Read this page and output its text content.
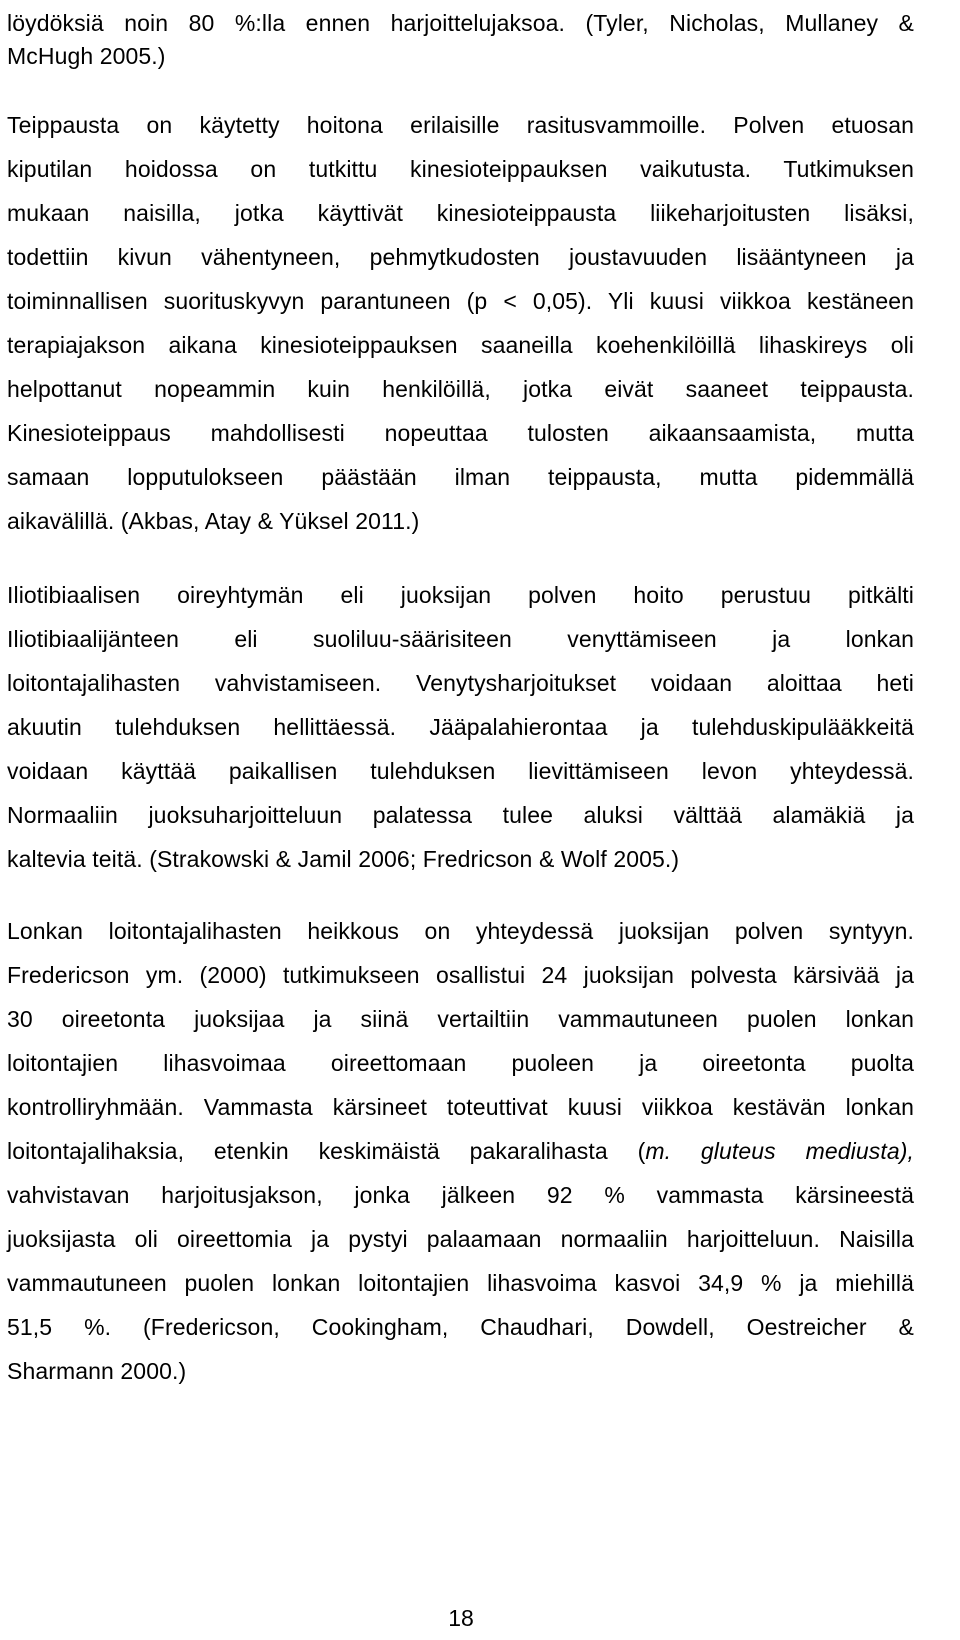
löydöksiä noin 80 %:lla ennen harjoittelujaksoa. (Tyler, Nicholas, Mullaney &
McHugh 2005.)
Teippausta on käytetty hoitona erilaisille rasitusvammoille. Polven etuosan
kiputilan hoidossa on tutkittu kinesioteippauksen vaikutusta. Tutkimuksen
mukaan naisilla, jotka käyttivät kinesioteippausta liikeharjoitusten lisäksi,
todettiin kivun vähentyneen, pehmytkudosten joustavuuden lisääntyneen ja
toiminnallisen suorituskyvyn parantuneen (p < 0,05). Yli kuusi viikkoa kestäneen
terapiajakson aikana kinesioteippauksen saaneilla koehenkilöillä lihaskireys oli
helpottanut nopeammin kuin henkilöillä, jotka eivät saaneet teippausta.
Kinesioteippaus mahdollisesti nopeuttaa tulosten aikaansaamista, mutta
samaan lopputulokseen päästään ilman teippausta, mutta pidemmällä
aikavälillä. (Akbas, Atay & Yüksel 2011.)
Iliotibiaalisen oireyhtymän eli juoksijan polven hoito perustuu pitkälti
Iliotibiaalijänteen eli suoliluu-säärisiteen venyttämiseen ja lonkan
loitontajalihasten vahvistamiseen. Venytysharjoitukset voidaan aloittaa heti
akuutin tulehduksen hellittäessä. Jääpalahierontaa ja tulehduskipulääkkeitä
voidaan käyttää paikallisen tulehduksen lievittämiseen levon yhteydessä.
Normaaliin juoksuharjoitteluun palatessa tulee aluksi välttää alamäkiä ja
kaltevia teitä. (Strakowski & Jamil 2006; Fredricson & Wolf 2005.)
Lonkan loitontajalihasten heikkous on yhteydessä juoksijan polven syntyyn.
Fredericson ym. (2000) tutkimukseen osallistui 24 juoksijan polvesta kärsivää ja
30 oireetonta juoksijaa ja siinä vertailtiin vammautuneen puolen lonkan
loitontajien lihasvoimaa oireettomaan puoleen ja oireetonta puolta
kontrolliryhmään. Vammasta kärsineet toteuttivat kuusi viikkoa kestävän lonkan
loitontajalihaksia, etenkin keskimäistä pakaralihasta (m. gluteus mediusta),
vahvistavan harjoitusjakson, jonka jälkeen 92 % vammasta kärsineestä
juoksijasta oli oireettomia ja pystyi palaamaan normaaliin harjoitteluun. Naisilla
vammautuneen puolen lonkan loitontajien lihasvoima kasvoi 34,9 % ja miehillä
51,5 %. (Fredericson, Cookingham, Chaudhari, Dowdell, Oestreicher &
Sharmann 2000.)
18
